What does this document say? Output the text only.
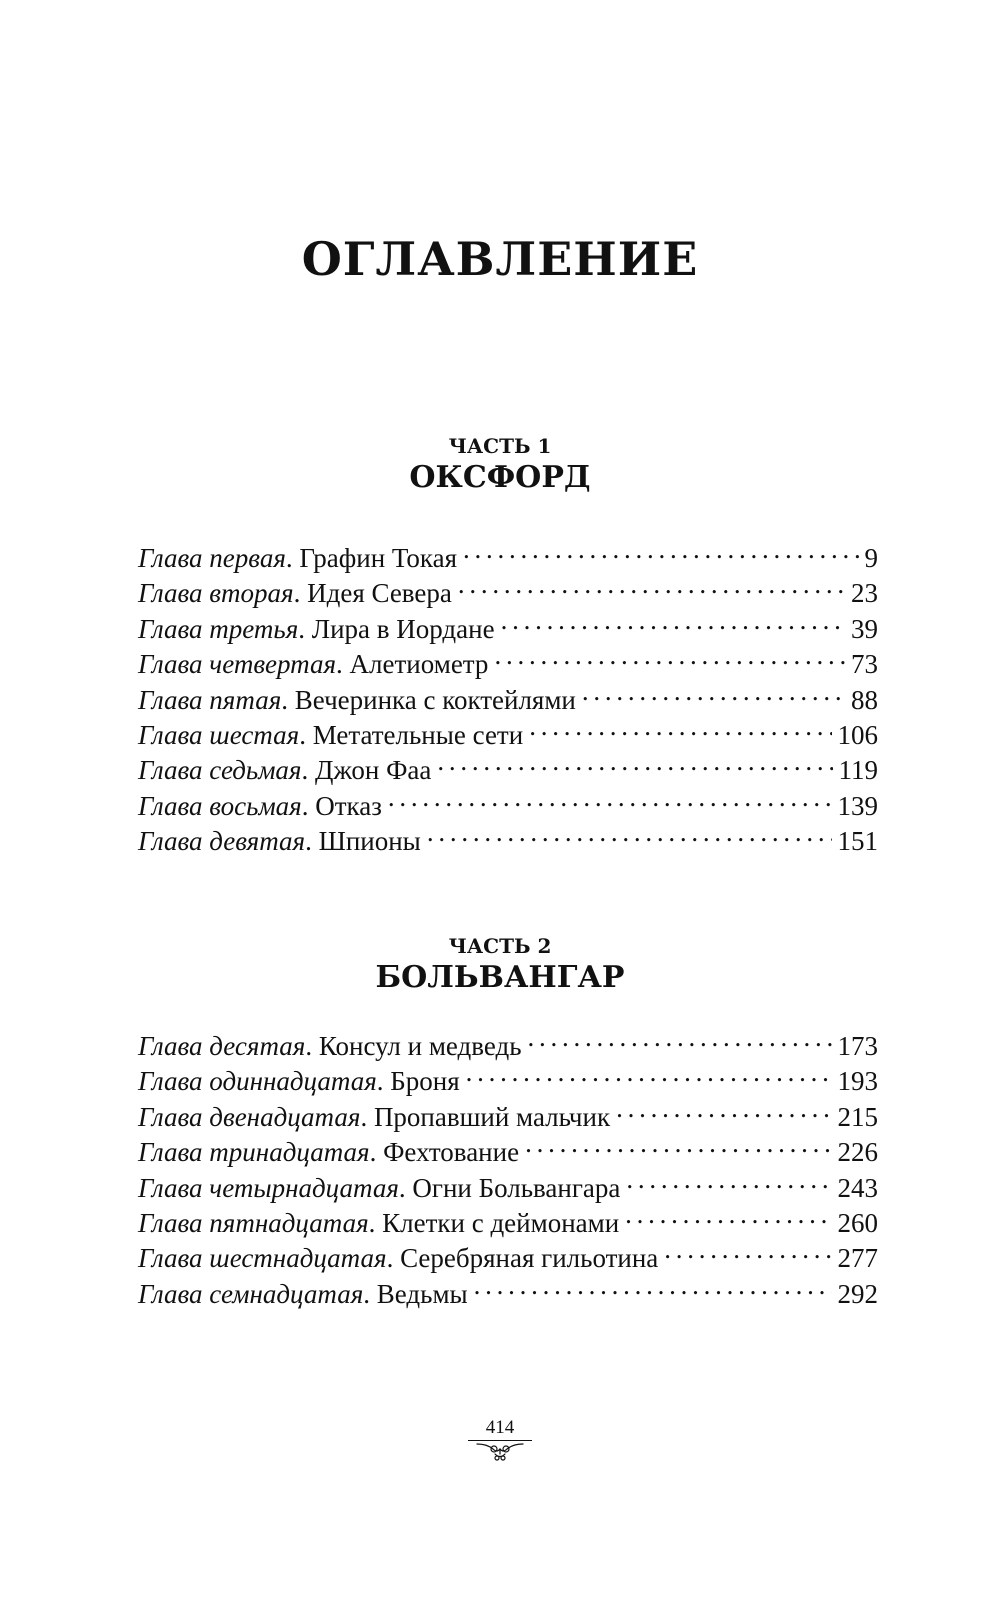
ОГЛАВЛЕНИЕ
ЧАСТЬ 1
ОКСФОРД
Глава первая . Графин Токая . . .	9
Глава вторая . Идея Севера . . .	23
Глава третья . Лира в Иордане . . .	39
Глава четвертая . Алетиометр . . .	73
Глава пятая . Вечеринка с коктейлями . . .	88
Глава шестая . Метательные сети . . .	106
Глава седьмая . Джон Фаа . . .	119
Глава восьмая . Отказ . . .	139
Глава девятая . Шпионы . . .	151
ЧАСТЬ 2
БОЛЬВАНГАР
Глава десятая . Консул и медведь . . .	173
Глава одиннадцатая . Броня . . .	193
Глава двенадцатая . Пропавший мальчик . . .	215
Глава тринадцатая . Фехтование . . .	226
Глава четырнадцатая . Огни Больвангара . . .	243
Глава пятнадцатая . Клетки с деймонами . . .	260
Глава шестнадцатая . Серебряная гильотина . . .	277
Глава семнадцатая . Ведьмы . . .	292
414
